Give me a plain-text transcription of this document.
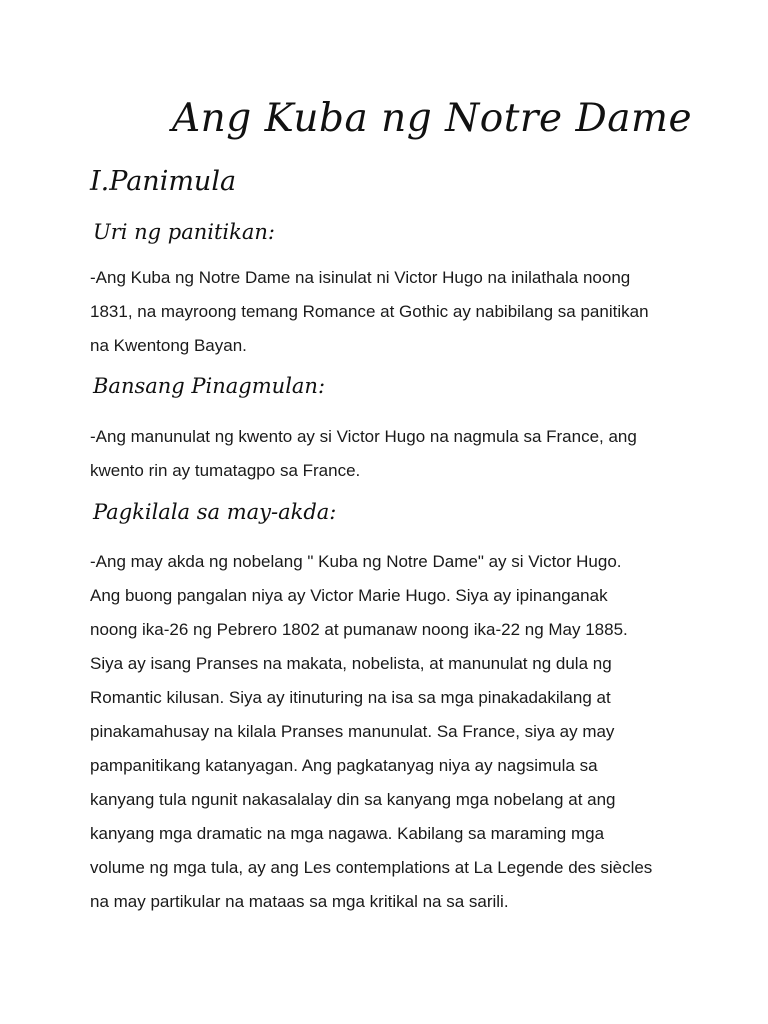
Ang Kuba ng Notre Dame
I.Panimula
Uri ng panitikan:
-Ang Kuba ng Notre Dame na isinulat ni Victor Hugo na inilathala noong
1831, na mayroong temang Romance at Gothic ay nabibilang sa panitikan
na Kwentong Bayan.
Bansang Pinagmulan:
-Ang manunulat ng kwento ay si Victor Hugo na nagmula sa France, ang
kwento rin ay tumatagpo sa France.
Pagkilala sa may-akda:
-Ang may akda ng nobelang " Kuba ng Notre Dame" ay si Victor Hugo.
Ang buong pangalan niya ay Victor Marie Hugo. Siya ay ipinanganak
noong ika-26 ng Pebrero 1802 at pumanaw noong ika-22 ng May 1885.
Siya ay isang Pranses na makata, nobelista, at manunulat ng dula ng
Romantic kilusan. Siya ay itinuturing na isa sa mga pinakadakilang at
pinakamahusay na kilala Pranses manunulat. Sa France, siya ay may
pampanitikang katanyagan. Ang pagkatanyag niya ay nagsimula sa
kanyang tula ngunit nakasalalay din sa kanyang mga nobelang at ang
kanyang mga dramatic na mga nagawa. Kabilang sa maraming mga
volume ng mga tula, ay ang Les contemplations at La Legende des siècles
na may partikular na mataas sa mga kritikal na sa sarili.
